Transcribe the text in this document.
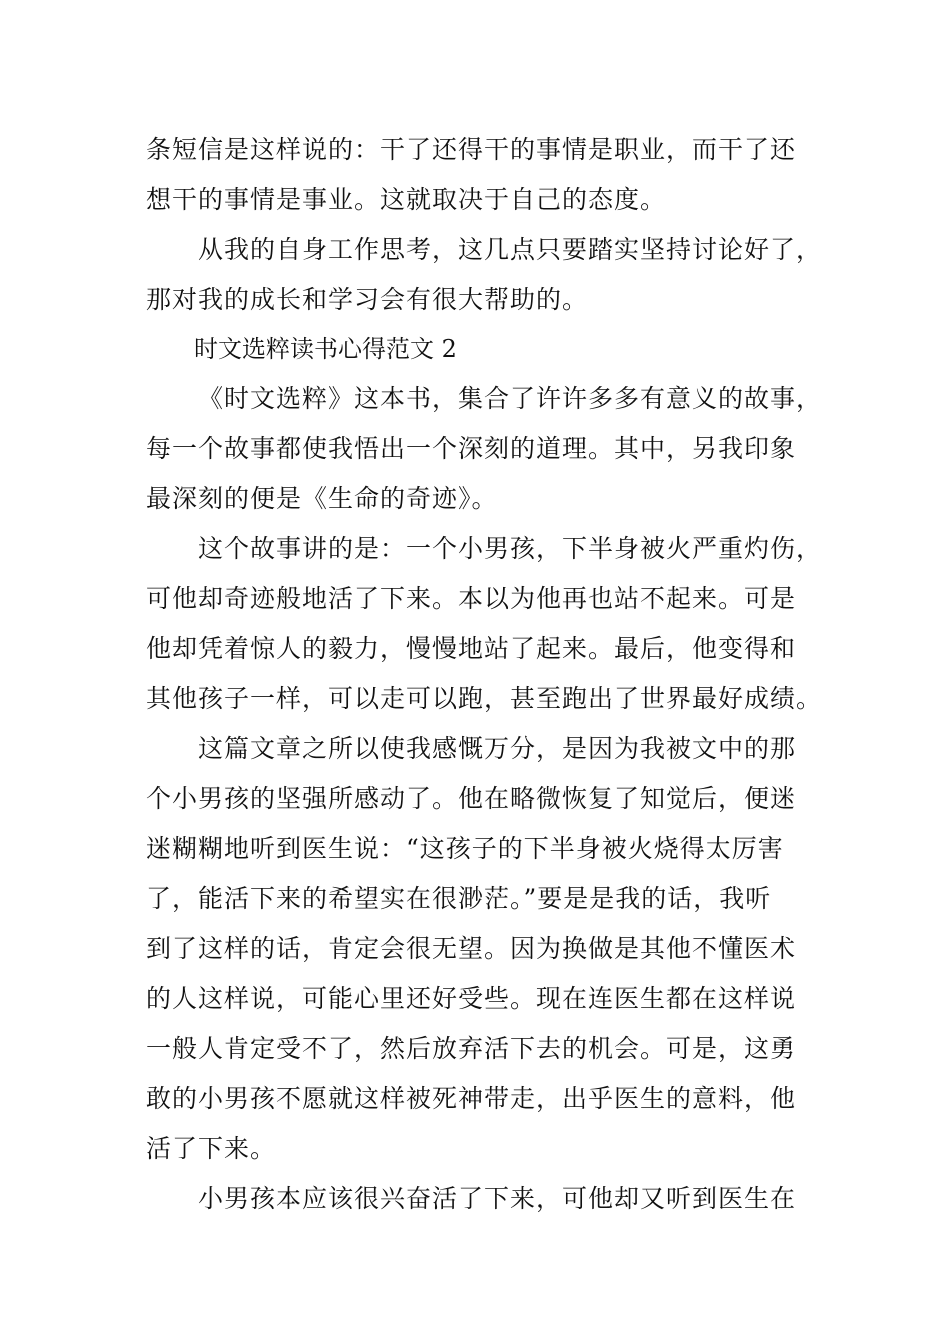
条短信是这样说的：干了还得干的事情是职业，而干了还
想干的事情是事业。这就取决于自己的态度。
从我的自身工作思考，这几点只要踏实坚持讨论好了，
那对我的成长和学习会有很大帮助的。
时文选粹读书心得范文 2
《时文选粹》这本书，集合了许许多多有意义的故事，
每一个故事都使我悟出一个深刻的道理。其中，另我印象
最深刻的便是《生命的奇迹》。
这个故事讲的是：一个小男孩，下半身被火严重灼伤，
可他却奇迹般地活了下来。本以为他再也站不起来。可是
他却凭着惊人的毅力，慢慢地站了起来。最后，他变得和
其他孩子一样，可以走可以跑，甚至跑出了世界最好成绩。
这篇文章之所以使我感慨万分，是因为我被文中的那
个小男孩的坚强所感动了。他在略微恢复了知觉后，便迷
迷糊糊地听到医生说：“这孩子的下半身被火烧得太厉害
了，能活下来的希望实在很渺茫。”要是是我的话，我听
到了这样的话，肯定会很无望。因为换做是其他不懂医术
的人这样说，可能心里还好受些。现在连医生都在这样说
一般人肯定受不了，然后放弃活下去的机会。可是，这勇
敢的小男孩不愿就这样被死神带走，出乎医生的意料，他
活了下来。
小男孩本应该很兴奋活了下来，可他却又听到医生在
